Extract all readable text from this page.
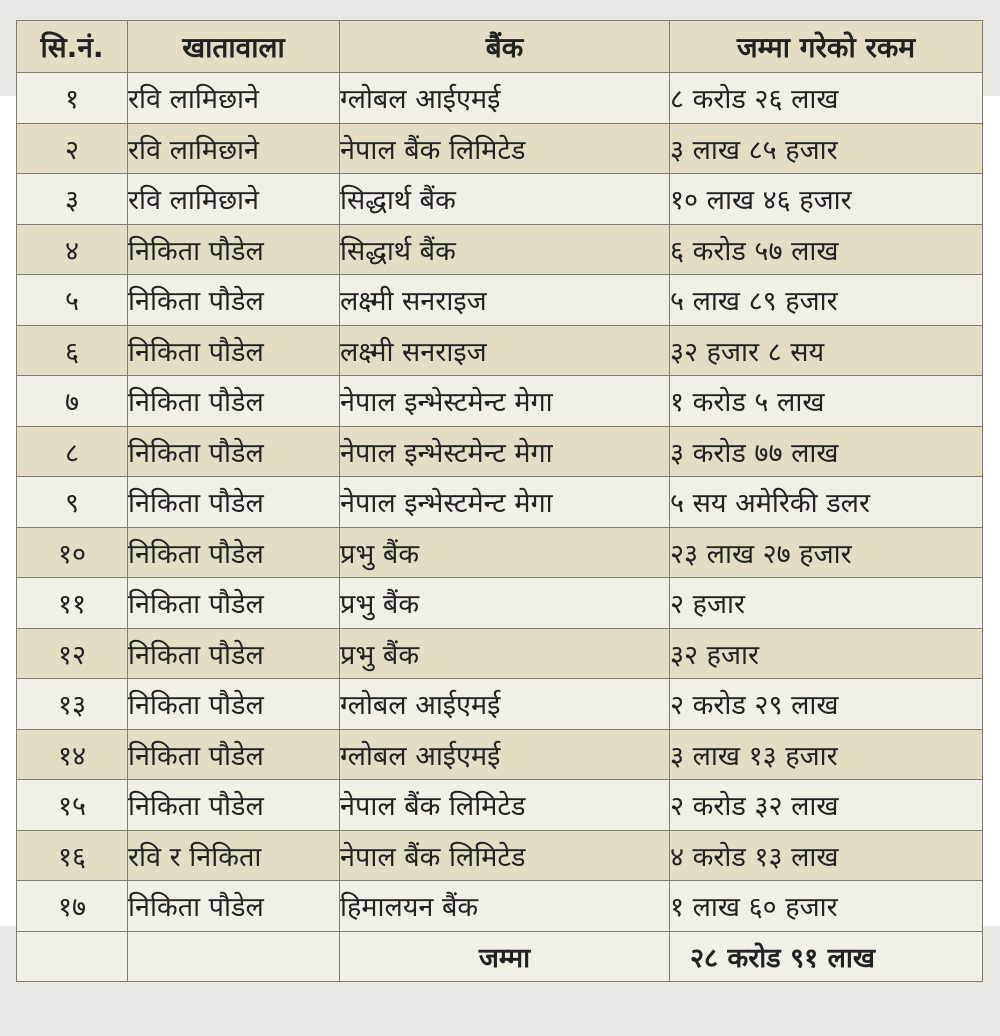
सि.नं.	खातावाला	बैंक	जम्मा गरेको रकम
१	रवि लामिछाने	ग्लोबल आईएमई	८ करोड २६ लाख
२	रवि लामिछाने	नेपाल बैंक लिमिटेड	३ लाख ८५ हजार
३	रवि लामिछाने	सिद्धार्थ बैंक	१० लाख ४६ हजार
४	निकिता पौडेल	सिद्धार्थ बैंक	६ करोड ५७ लाख
५	निकिता पौडेल	लक्ष्मी सनराइज	५ लाख ८९ हजार
६	निकिता पौडेल	लक्ष्मी सनराइज	३२ हजार ८ सय
७	निकिता पौडेल	नेपाल इन्भेस्टमेन्ट मेगा	१ करोड ५ लाख
८	निकिता पौडेल	नेपाल इन्भेस्टमेन्ट मेगा	३ करोड ७७ लाख
९	निकिता पौडेल	नेपाल इन्भेस्टमेन्ट मेगा	५ सय अमेरिकी डलर
१०	निकिता पौडेल	प्रभु बैंक	२३ लाख २७ हजार
११	निकिता पौडेल	प्रभु बैंक	२ हजार
१२	निकिता पौडेल	प्रभु बैंक	३२ हजार
१३	निकिता पौडेल	ग्लोबल आईएमई	२ करोड २९ लाख
१४	निकिता पौडेल	ग्लोबल आईएमई	३ लाख १३ हजार
१५	निकिता पौडेल	नेपाल बैंक लिमिटेड	२ करोड ३२ लाख
१६	रवि र निकिता	नेपाल बैंक लिमिटेड	४ करोड १३ लाख
१७	निकिता पौडेल	हिमालयन बैंक	१ लाख ६० हजार
		जम्मा	२८ करोड ९१ लाख
